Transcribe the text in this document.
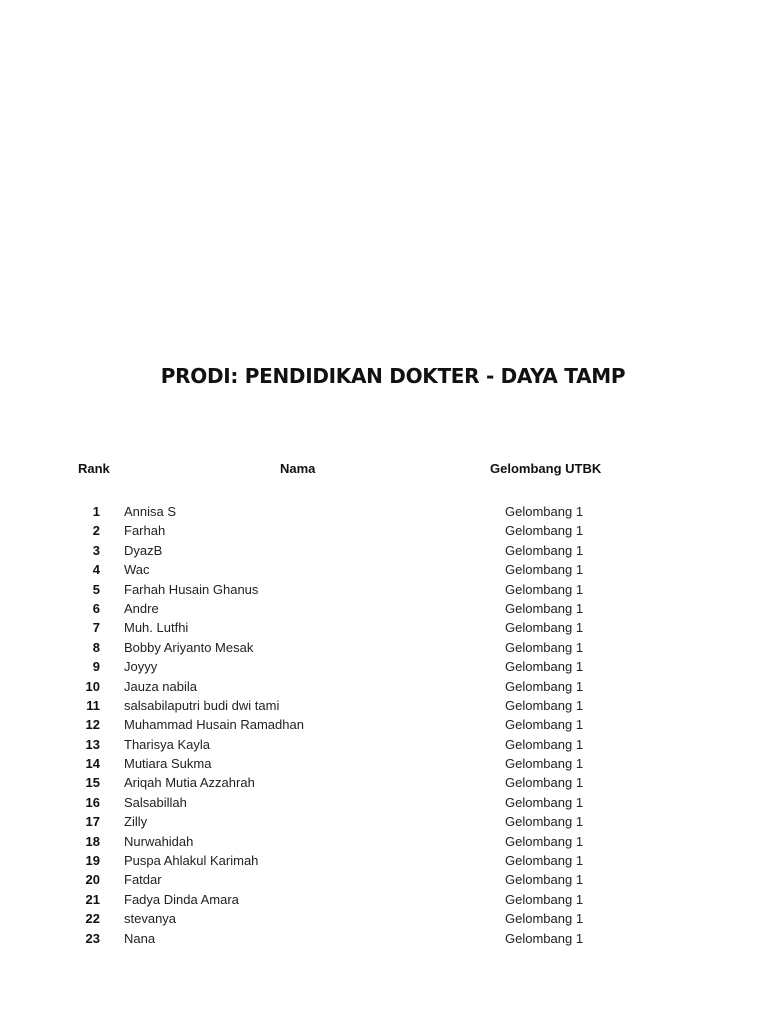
PRODI: PENDIDIKAN DOKTER - DAYA TAMP
Rank	Nama	Gelombang UTBK
1 Annisa S	Gelombang 1
2 Farhah	Gelombang 1
3 DyazB	Gelombang 1
4 Wac	Gelombang 1
5 Farhah Husain Ghanus	Gelombang 1
6 Andre	Gelombang 1
7 Muh. Lutfhi	Gelombang 1
8 Bobby Ariyanto Mesak	Gelombang 1
9 Joyyy	Gelombang 1
10 Jauza nabila	Gelombang 1
11 salsabilaputri budi dwi tami	Gelombang 1
12 Muhammad Husain Ramadhan	Gelombang 1
13 Tharisya Kayla	Gelombang 1
14 Mutiara Sukma	Gelombang 1
15 Ariqah Mutia Azzahrah	Gelombang 1
16 Salsabillah	Gelombang 1
17 Zilly	Gelombang 1
18 Nurwahidah	Gelombang 1
19 Puspa Ahlakul Karimah	Gelombang 1
20 Fatdar	Gelombang 1
21 Fadya Dinda Amara	Gelombang 1
22 stevanya	Gelombang 1
23 Nana	Gelombang 1
